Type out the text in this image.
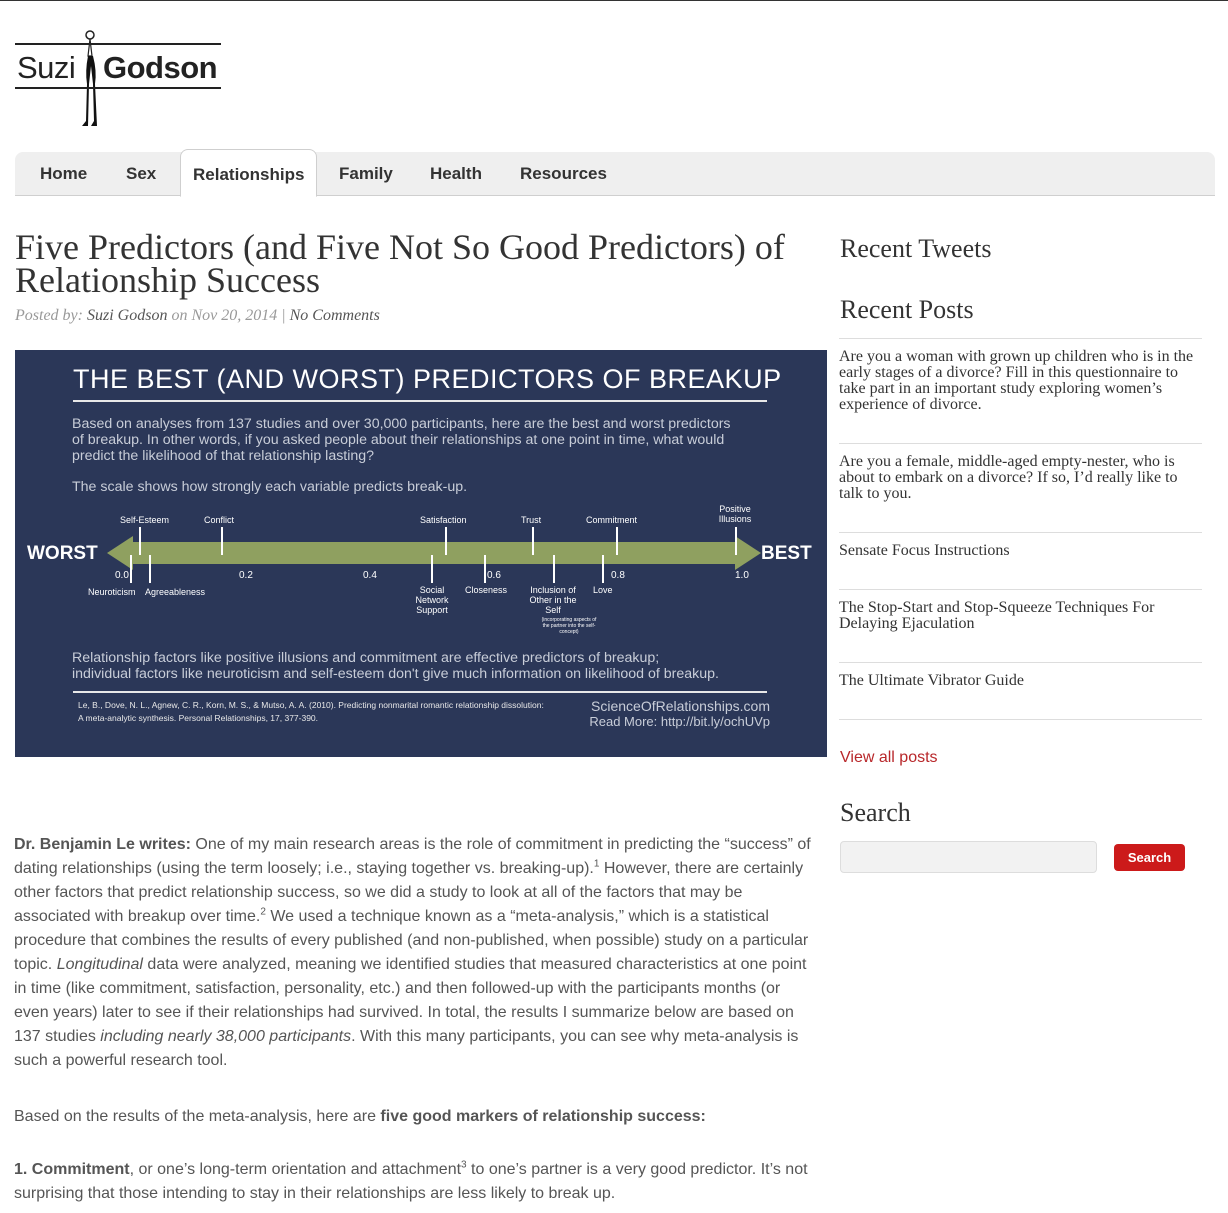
Suzi Godson
Home	Sex	Relationships	Family	Health	Resources
Five Predictors (and Five Not So Good Predictors) of Relationship Success
Posted by: Suzi Godson on Nov 20, 2014 | No Comments
THE BEST (AND WORST) PREDICTORS OF BREAKUP
Based on analyses from 137 studies and over 30,000 participants, here are the best and worst predictors
of breakup. In other words, if you asked people about their relationships at one point in time, what would
predict the likelihood of that relationship lasting?
The scale shows how strongly each variable predicts break-up.
WORST	BEST
Self-Esteem	Conflict	Satisfaction	Trust	Commitment
Positive Illusions
0.0	0.2	0.4	0.6	0.8	1.0
Neuroticism Agreeableness	Social Network Support
Closeness	Inclusion of Other in the Self
(incorporating aspects of the partner into the self-concept)
Love
Relationship factors like positive illusions and commitment are effective predictors of breakup;
individual factors like neuroticism and self-esteem don't give much information on likelihood of breakup.
Le, B., Dove, N. L., Agnew, C. R., Korn, M. S., & Mutso, A. A. (2010). Predicting nonmarital romantic relationship dissolution:
A meta-analytic synthesis. Personal Relationships, 17, 377-390.
ScienceOfRelationships.com
Read More: http://bit.ly/ochUVp
Dr. Benjamin Le writes: One of my main research areas is the role of commitment in predicting the “success” of dating relationships (using the term loosely; i.e., staying together vs. breaking-up).$^1$ However, there are certainly other factors that predict relationship success, so we did a study to look at all of the factors that may be associated with breakup over time.$^2$ We used a technique known as a “meta-analysis,” which is a statistical procedure that combines the results of every published (and non-published, when possible) study on a particular topic. Longitudinal data were analyzed, meaning we identified studies that measured characteristics at one point in time (like commitment, satisfaction, personality, etc.) and then followed-up with the participants months (or even years) later to see if their relationships had survived. In total, the results I summarize below are based on 137 studies including nearly 38,000 participants. With this many participants, you can see why meta-analysis is such a powerful research tool.
Based on the results of the meta-analysis, here are five good markers of relationship success:
1. Commitment, or one’s long-term orientation and attachment$^3$ to one’s partner is a very good predictor. It’s not surprising that those intending to stay in their relationships are less likely to break up.
Recent Tweets
Recent Posts
Are you a woman with grown up children who is in the early stages of a divorce? Fill in this questionnaire to take part in an important study exploring women’s experience of divorce.
Are you a female, middle-aged empty-nester, who is about to embark on a divorce? If so, I’d really like to talk to you.
Sensate Focus Instructions
The Stop-Start and Stop-Squeeze Techniques For Delaying Ejaculation
The Ultimate Vibrator Guide
View all posts
Search
Search
